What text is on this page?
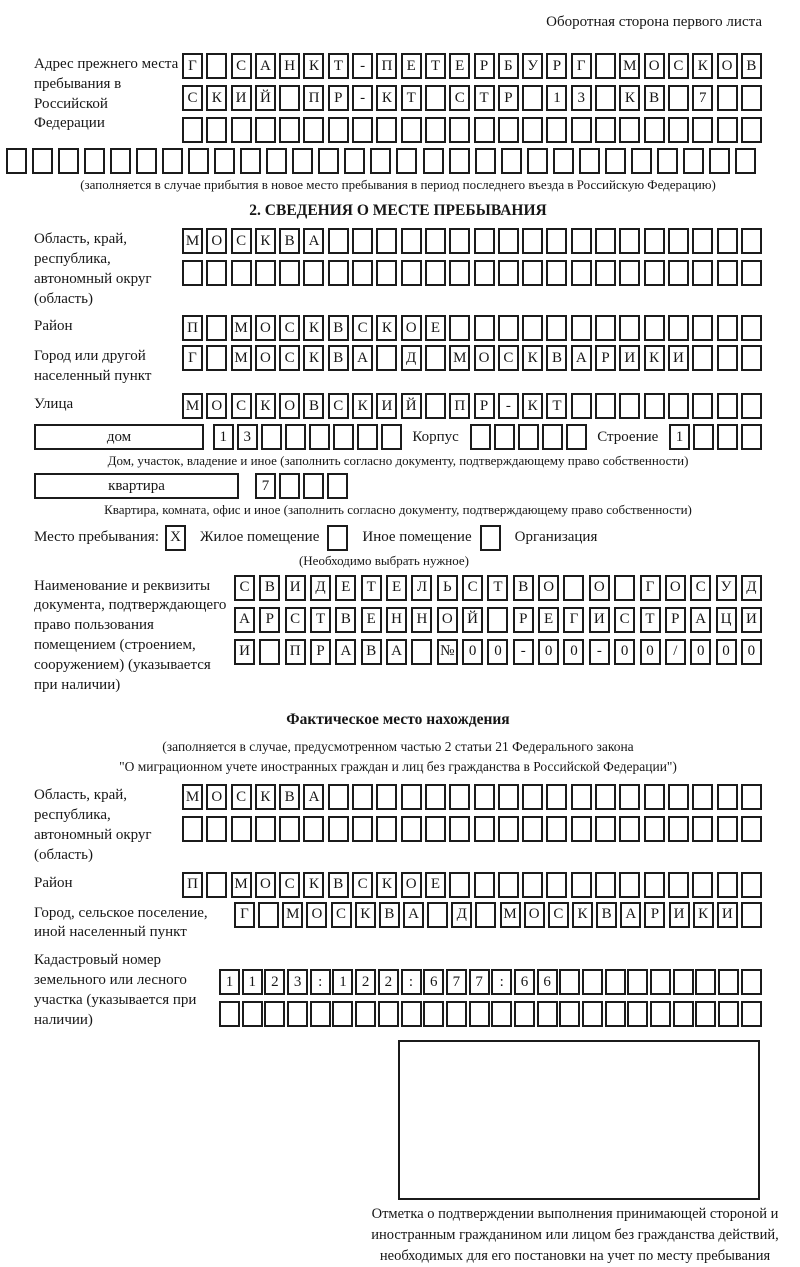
Оборотная сторона первого листа
Адрес прежнего места пребывания в Российской Федерации
Г	С А Н К Т	-	П Е	Т	Е	Р	Б У Р	Г	М О С К О В
С К И Й	П Р	-	К Т	С Т	Р	1	3	К В	7
(заполняется в случае прибытия в новое место пребывания в период последнего въезда в Российскую Федерацию)
2. СВЕДЕНИЯ О МЕСТЕ ПРЕБЫВАНИЯ
Область, край, республика, автономный округ (область)
М О С К В А
Район	П	М О С К В С К О Е
Город или другой населенный пункт
Г	М О С К В А	Д	М О С К В А Р И К И
Улица	М О С К О В С К И Й	П Р	-	К Т
дом	1	3	Корпус	Строение	1
Дом, участок, владение и иное (заполнить согласно документу, подтверждающему право собственности)
квартира	7
Квартира, комната, офис и иное (заполнить согласно документу, подтверждающему право собственности)
Место пребывания: X	Жилое помещение	Иное помещение	Организация
(Необходимо выбрать нужное)
Наименование и реквизиты документа, подтверждающего право пользования помещением (строением, сооружением) (указывается при наличии)
С	В И Д	Е	Т	Е	Л	Ь	С	Т	В О	О	Г	О С	У Д
А	Р	С	Т	В	Е	Н Н О Й	Р	Е	Г	И С	Т	Р	А Ц И
И	П	Р	А В А	№ 0	0	-	0	0	-	0	0	/	0	0	0
Фактическое место нахождения
(заполняется в случае, предусмотренном частью 2 статьи 21 Федерального закона
"О миграционном учете иностранных граждан и лиц без гражданства в Российской Федерации")
Область, край, республика, автономный округ (область)
М О С К В А
Район	П	М О С К В С К О Е
Город, сельское поселение, иной населенный пункт
Г	М О С К В А	Д	М О С К В А Р И К И
Кадастровый номер земельного или лесного участка (указывается при наличии)
1	1	2	3	:	1	2	2	:	6	7	7	:	6	6
Отметка о подтверждении выполнения принимающей стороной и иностранным гражданином или лицом без гражданства действий, необходимых для его постановки на учет по месту пребывания
